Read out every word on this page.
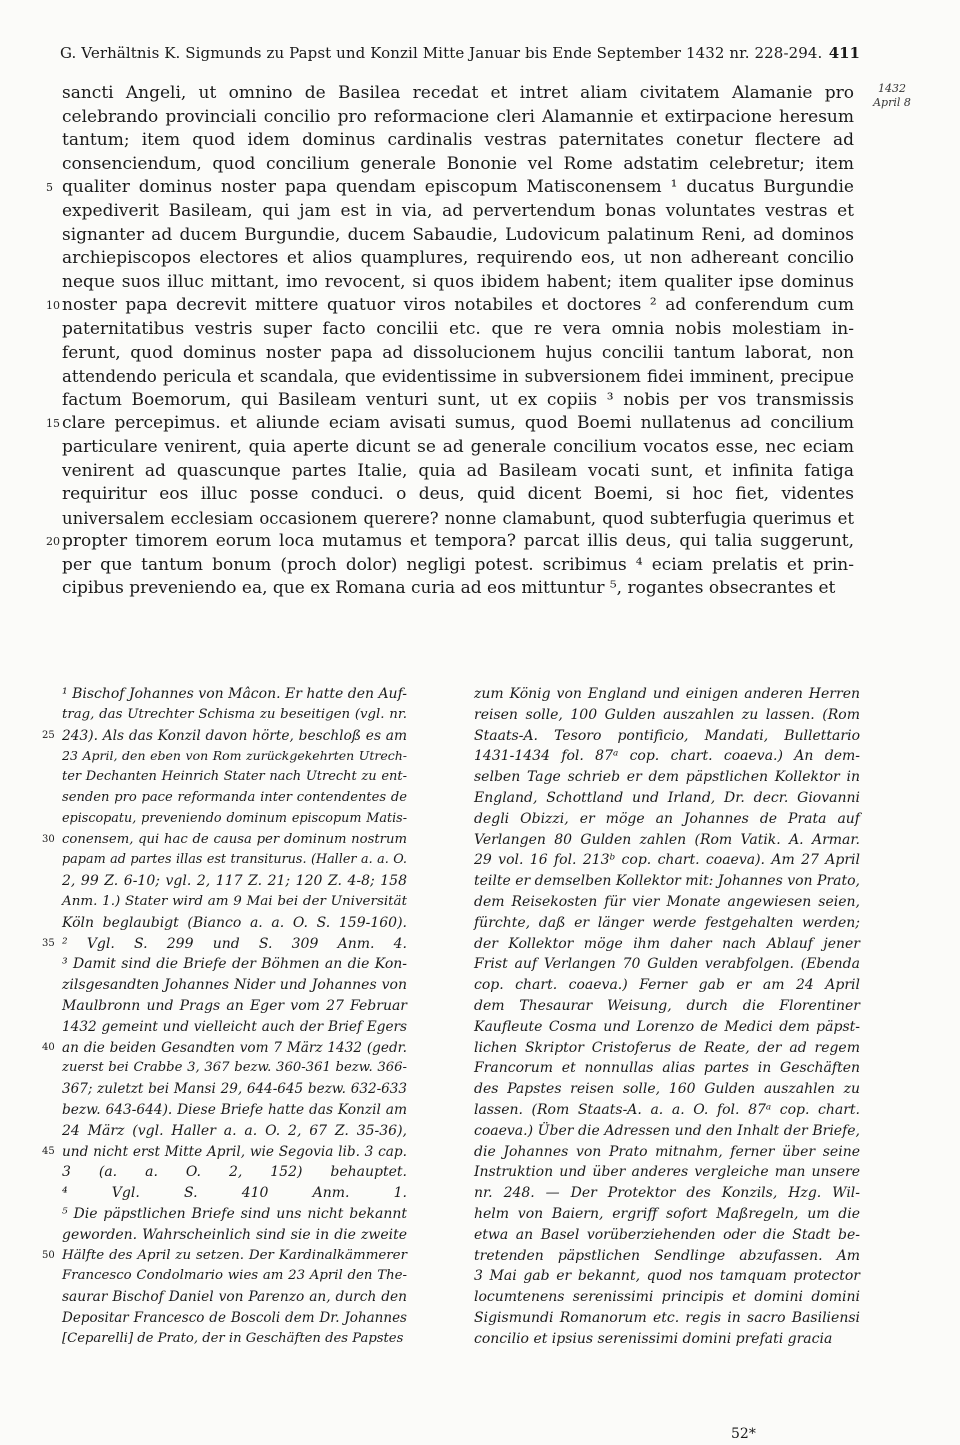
G. Verhältnis K. Sigmunds zu Papst und Konzil Mitte Januar bis Ende September 1432 nr. 228-294. 411
1432
April 8
sancti Angeli, ut omnino de Basilea recedat et intret aliam civitatem Alamanie pro
celebrando provinciali concilio pro reformacione cleri Alamannie et extirpacione heresum
tantum; item quod idem dominus cardinalis vestras paternitates conetur flectere ad
consenciendum, quod concilium generale Bononie vel Rome adstatim celebretur; item
5 qualiter dominus noster papa quendam episcopum Matisconensem ¹ ducatus Burgundie
expediverit Basileam, qui jam est in via, ad pervertendum bonas voluntates vestras et
signanter ad ducem Burgundie, ducem Sabaudie, Ludovicum palatinum Reni, ad dominos
archiepiscopos electores et alios quamplures, requirendo eos, ut non adhereant concilio
neque suos illuc mittant, imo revocent, si quos ibidem habent; item qualiter ipse dominus
10 noster papa decrevit mittere quatuor viros notabiles et doctores ² ad conferendum cum
paternitatibus vestris super facto concilii etc. que re vera omnia nobis molestiam in-
ferunt, quod dominus noster papa ad dissolucionem hujus concilii tantum laborat, non
attendendo pericula et scandala, que evidentissime in subversionem fidei imminent, precipue
factum Boemorum, qui Basileam venturi sunt, ut ex copiis ³ nobis per vos transmissis
15 clare percepimus. et aliunde eciam avisati sumus, quod Boemi nullatenus ad concilium
particulare venirent, quia aperte dicunt se ad generale concilium vocatos esse, nec eciam
venirent ad quascunque partes Italie, quia ad Basileam vocati sunt, et infinita fatiga
requiritur eos illuc posse conduci. o deus, quid dicent Boemi, si hoc fiet, videntes
universalem ecclesiam occasionem querere? nonne clamabunt, quod subterfugia querimus et
20 propter timorem eorum loca mutamus et tempora? parcat illis deus, qui talia suggerunt,
per que tantum bonum (proch dolor) negligi potest. scribimus ⁴ eciam prelatis et prin-
cipibus preveniendo ea, que ex Romana curia ad eos mittuntur ⁵, rogantes obsecrantes et
¹ Bischof Johannes von Mâcon. Er hatte den Auf-
trag, das Utrechter Schisma zu beseitigen (vgl. nr.
25 243). Als das Konzil davon hörte, beschloß es am
23 April, den eben von Rom zurückgekehrten Utrech-
ter Dechanten Heinrich Stater nach Utrecht zu ent-
senden pro pace reformanda inter contendentes de
episcopatu, preveniendo dominum episcopum Matis-
30 conensem, qui hac de causa per dominum nostrum
papam ad partes illas est transiturus. (Haller a. a. O.
2, 99 Z. 6-10; vgl. 2, 117 Z. 21; 120 Z. 4-8; 158
Anm. 1.) Stater wird am 9 Mai bei der Universität
Köln beglaubigt (Bianco a. a. O. S. 159-160).
35 ² Vgl. S. 299 und S. 309 Anm. 4.
³ Damit sind die Briefe der Böhmen an die Kon-
zilsgesandten Johannes Nider und Johannes von
Maulbronn und Prags an Eger vom 27 Februar
1432 gemeint und vielleicht auch der Brief Egers
40 an die beiden Gesandten vom 7 März 1432 (gedr.
zuerst bei Crabbe 3, 367 bezw. 360-361 bezw. 366-
367; zuletzt bei Mansi 29, 644-645 bezw. 632-633
bezw. 643-644). Diese Briefe hatte das Konzil am
24 März (vgl. Haller a. a. O. 2, 67 Z. 35-36),
45 und nicht erst Mitte April, wie Segovia lib. 3 cap.
3 (a. a. O. 2, 152) behauptet.
⁴ Vgl. S. 410 Anm. 1.
⁵ Die päpstlichen Briefe sind uns nicht bekannt
geworden. Wahrscheinlich sind sie in die zweite
50 Hälfte des April zu setzen. Der Kardinalkämmerer
Francesco Condolmario wies am 23 April den The-
saurar Bischof Daniel von Parenzo an, durch den
Depositar Francesco de Boscoli dem Dr. Johannes
[Ceparelli] de Prato, der in Geschäften des Papstes
zum König von England und einigen anderen Herren
reisen solle, 100 Gulden auszahlen zu lassen. (Rom
Staats-A. Tesoro pontificio, Mandati, Bullettario
1431-1434 fol. 87ᵃ cop. chart. coaeva.) An dem-
selben Tage schrieb er dem päpstlichen Kollektor in
England, Schottland und Irland, Dr. decr. Giovanni
degli Obizzi, er möge an Johannes de Prata auf
Verlangen 80 Gulden zahlen (Rom Vatik. A. Armar.
29 vol. 16 fol. 213ᵇ cop. chart. coaeva). Am 27 April
teilte er demselben Kollektor mit: Johannes von Prato,
dem Reisekosten für vier Monate angewiesen seien,
fürchte, daß er länger werde festgehalten werden;
der Kollektor möge ihm daher nach Ablauf jener
Frist auf Verlangen 70 Gulden verabfolgen. (Ebenda
cop. chart. coaeva.) Ferner gab er am 24 April
dem Thesaurar Weisung, durch die Florentiner
Kaufleute Cosma und Lorenzo de Medici dem päpst-
lichen Skriptor Cristoferus de Reate, der ad regem
Francorum et nonnullas alias partes in Geschäften
des Papstes reisen solle, 160 Gulden auszahlen zu
lassen. (Rom Staats-A. a. a. O. fol. 87ᵃ cop. chart.
coaeva.) Über die Adressen und den Inhalt der Briefe,
die Johannes von Prato mitnahm, ferner über seine
Instruktion und über anderes vergleiche man unsere
nr. 248. — Der Protektor des Konzils, Hzg. Wil-
helm von Baiern, ergriff sofort Maßregeln, um die
etwa an Basel vorüberziehenden oder die Stadt be-
tretenden päpstlichen Sendlinge abzufassen. Am
3 Mai gab er bekannt, quod nos tamquam protector
locumtenens serenissimi principis et domini domini
Sigismundi Romanorum etc. regis in sacro Basiliensi
concilio et ipsius serenissimi domini prefati gracia
52*
